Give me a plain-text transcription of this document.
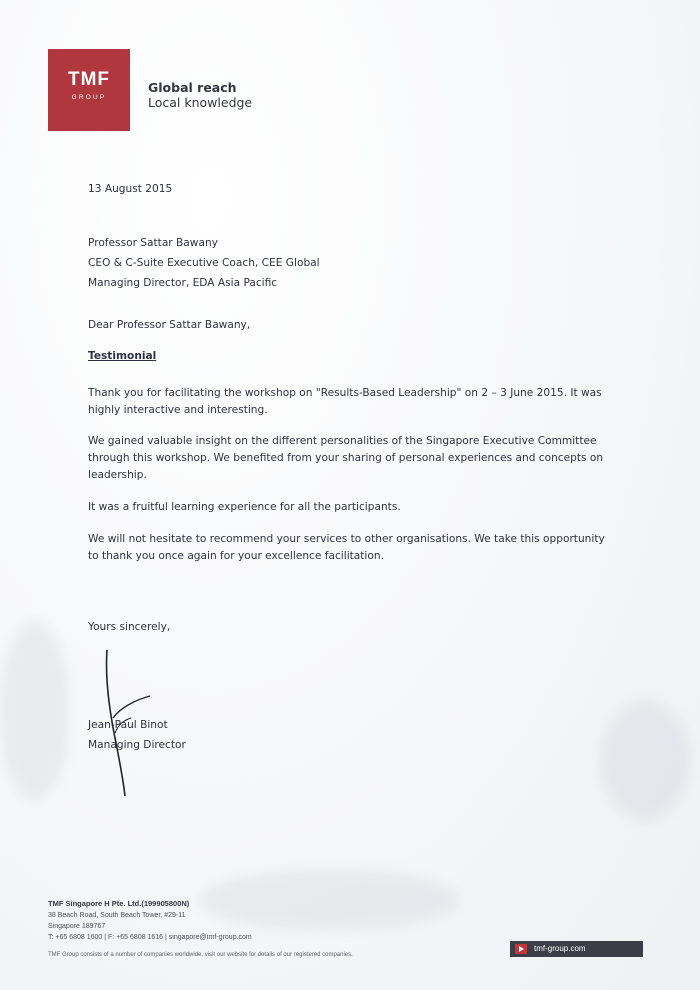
TMF
GROUP
Global reach
Local knowledge
13 August 2015
Professor Sattar Bawany
CEO & C-Suite Executive Coach, CEE Global
Managing Director, EDA Asia Pacific
Dear Professor Sattar Bawany,
Testimonial
Thank you for facilitating the workshop on "Results-Based Leadership" on 2 – 3 June 2015. It was highly interactive and interesting.
We gained valuable insight on the different personalities of the Singapore Executive Committee through this workshop. We benefited from your sharing of personal experiences and concepts on leadership.
It was a fruitful learning experience for all the participants.
We will not hesitate to recommend your services to other organisations. We take this opportunity to thank you once again for your excellence facilitation.
Yours sincerely,
Jean-Paul Binot
Managing Director
TMF Singapore H Pte. Ltd.(199905800N)
38 Beach Road, South Beach Tower, #29-11
Singapore 189767
T: +65 6808 1600 | F: +65 6808 1616 | singapore@tmf-group.com
TMF Group consists of a number of companies worldwide, visit our website for details of our registered companies.
tmf-group.com
